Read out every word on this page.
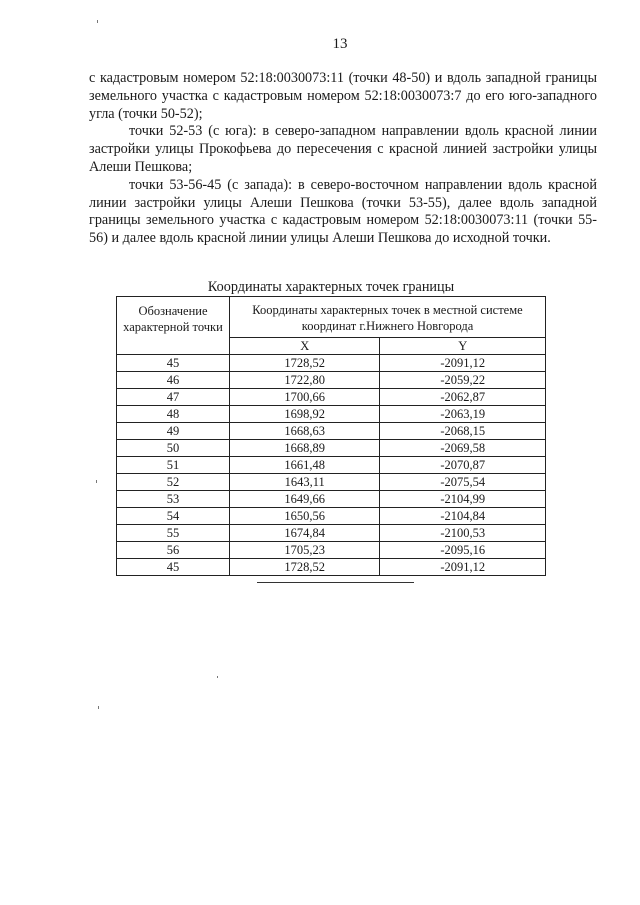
13

с кадастровым номером 52:18:0030073:11 (точки 48-50) и вдоль западной границы земельного участка с кадастровым номером 52:18:0030073:7 до его юго-западного угла (точки 50-52);

точки 52-53 (с юга): в северо-западном направлении вдоль красной линии застройки улицы Прокофьева до пересечения с красной линией застройки улицы Алеши Пешкова;

точки 53-56-45 (с запада): в северо-восточном направлении вдоль красной линии застройки улицы Алеши Пешкова (точки 53-55), далее вдоль западной границы земельного участка с кадастровым номером 52:18:0030073:11 (точки 55-56) и далее вдоль красной линии улицы Алеши Пешкова до исходной точки.

Координаты характерных точек границы
Обозначение характерной точки	Координаты характерных точек в местной системе координат г.Нижнего Новгорода	
	X	Y
45	1728,52	-2091,12
46	1722,80	-2059,22
47	1700,66	-2062,87
48	1698,92	-2063,19
49	1668,63	-2068,15
50	1668,89	-2069,58
51	1661,48	-2070,87
52	1643,11	-2075,54
53	1649,66	-2104,99
54	1650,56	-2104,84
55	1674,84	-2100,53
56	1705,23	-2095,16
45	1728,52	-2091,12
